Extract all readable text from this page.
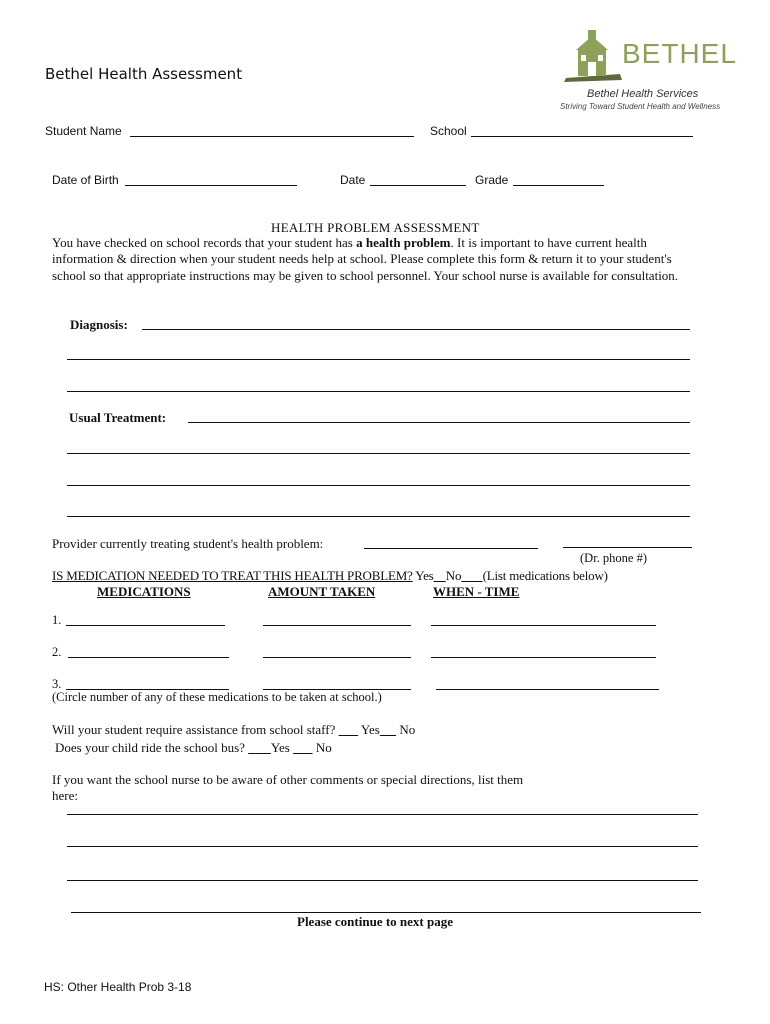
Bethel Health Assessment
BETHEL
Bethel Health Services
Striving Toward Student Health and Wellness
Student Name	School
Date of Birth	Date	Grade
HEALTH PROBLEM ASSESSMENT
You have checked on school records that your student has a health problem. It is important to have current health information & direction when your student needs help at school. Please complete this form & return it to your student's school so that appropriate instructions may be given to school personnel. Your school nurse is available for consultation.
Diagnosis:
Usual Treatment:
Provider currently treating student's health problem:
(Dr. phone #)
IS MEDICATION NEEDED TO TREAT THIS HEALTH PROBLEM? Yes No (List medications below)
MEDICATIONS	AMOUNT TAKEN	WHEN - TIME
1.
2.
3.
(Circle number of any of these medications to be taken at school.)
Will your student require assistance from school staff? Yes No
Does your child ride the school bus? Yes No
If you want the school nurse to be aware of other comments or special directions, list them
here:
Please continue to next page
HS: Other Health Prob 3-18
